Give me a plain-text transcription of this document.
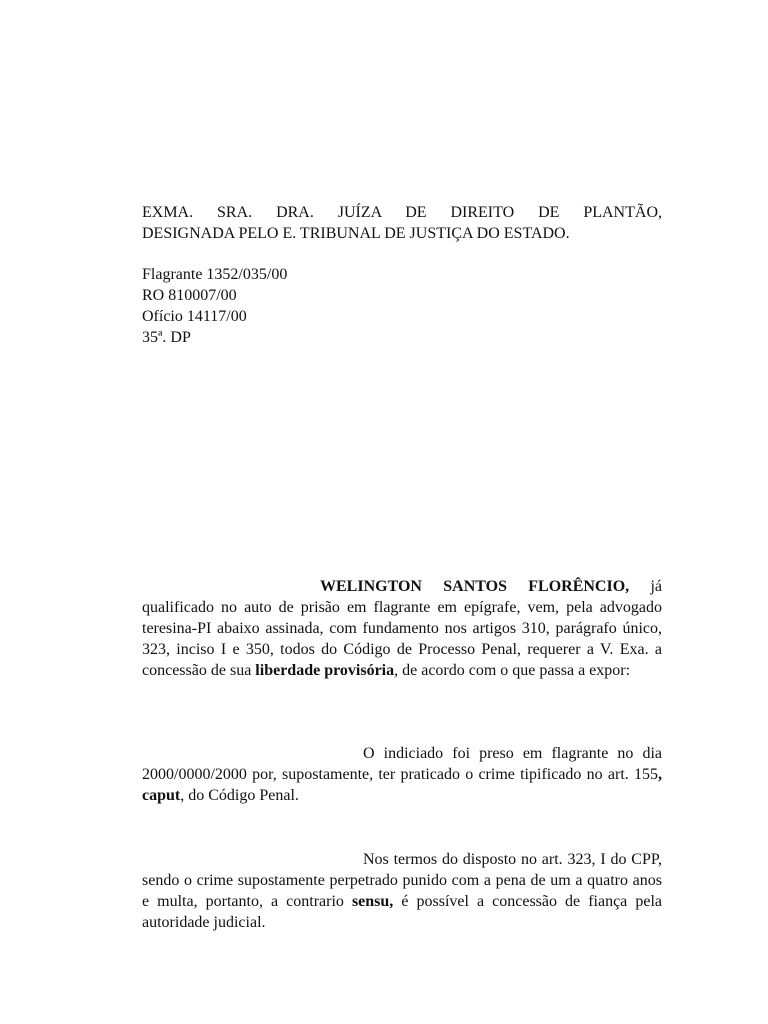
EXMA. SRA. DRA. JUÍZA DE DIREITO DE PLANTÃO,
DESIGNADA PELO E. TRIBUNAL DE JUSTIÇA DO ESTADO.

Flagrante 1352/035/00
RO 810007/00
Ofício 14117/00
35ª. DP

WELINGTON SANTOS FLORÊNCIO, já qualificado no auto de prisão em flagrante em epígrafe, vem, pela advogado teresina-PI abaixo assinada, com fundamento nos artigos 310, parágrafo único, 323, inciso I e 350, todos do Código de Processo Penal, requerer a V. Exa. a concessão de sua liberdade provisória, de acordo com o que passa a expor:

O indiciado foi preso em flagrante no dia 2000/0000/2000 por, supostamente, ter praticado o crime tipificado no art. 155, caput, do Código Penal.

Nos termos do disposto no art. 323, I do CPP, sendo o crime supostamente perpetrado punido com a pena de um a quatro anos e multa, portanto, a contrario sensu, é possível a concessão de fiança pela autoridade judicial.
